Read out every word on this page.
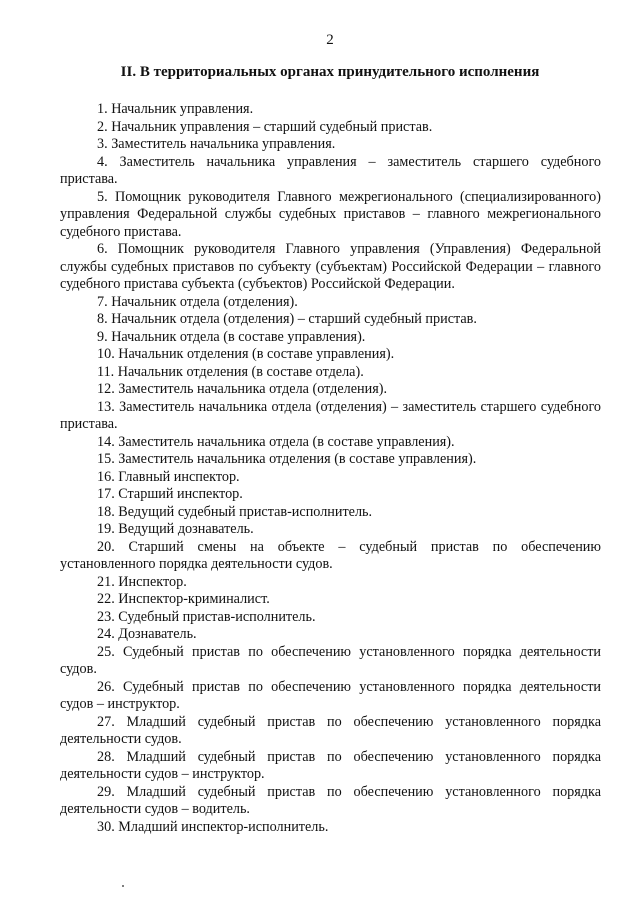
2
II. В территориальных органах принудительного исполнения

1. Начальник управления.

2. Начальник управления – старший судебный пристав.

3. Заместитель начальника управления.

4. Заместитель начальника управления – заместитель старшего судебного пристава.

5. Помощник руководителя Главного межрегионального (специализированного) управления Федеральной службы судебных приставов – главного межрегионального судебного пристава.

6. Помощник руководителя Главного управления (Управления) Федеральной службы судебных приставов по субъекту (субъектам) Российской Федерации – главного судебного пристава субъекта (субъектов) Российской Федерации.

7. Начальник отдела (отделения).

8. Начальник отдела (отделения) – старший судебный пристав.

9. Начальник отдела (в составе управления).

10. Начальник отделения (в составе управления).

11. Начальник отделения (в составе отдела).

12. Заместитель начальника отдела (отделения).

13. Заместитель начальника отдела (отделения) – заместитель старшего судебного пристава.

14. Заместитель начальника отдела (в составе управления).

15. Заместитель начальника отделения (в составе управления).

16. Главный инспектор.

17. Старший инспектор.

18. Ведущий судебный пристав-исполнитель.

19. Ведущий дознаватель.

20. Старший смены на объекте – судебный пристав по обеспечению установленного порядка деятельности судов.

21. Инспектор.

22. Инспектор-криминалист.

23. Судебный пристав-исполнитель.

24. Дознаватель.

25. Судебный пристав по обеспечению установленного порядка деятельности судов.

26. Судебный пристав по обеспечению установленного порядка деятельности судов – инструктор.

27. Младший судебный пристав по обеспечению установленного порядка деятельности судов.

28. Младший судебный пристав по обеспечению установленного порядка деятельности судов – инструктор.

29. Младший судебный пристав по обеспечению установленного порядка деятельности судов – водитель.

30. Младший инспектор-исполнитель.
